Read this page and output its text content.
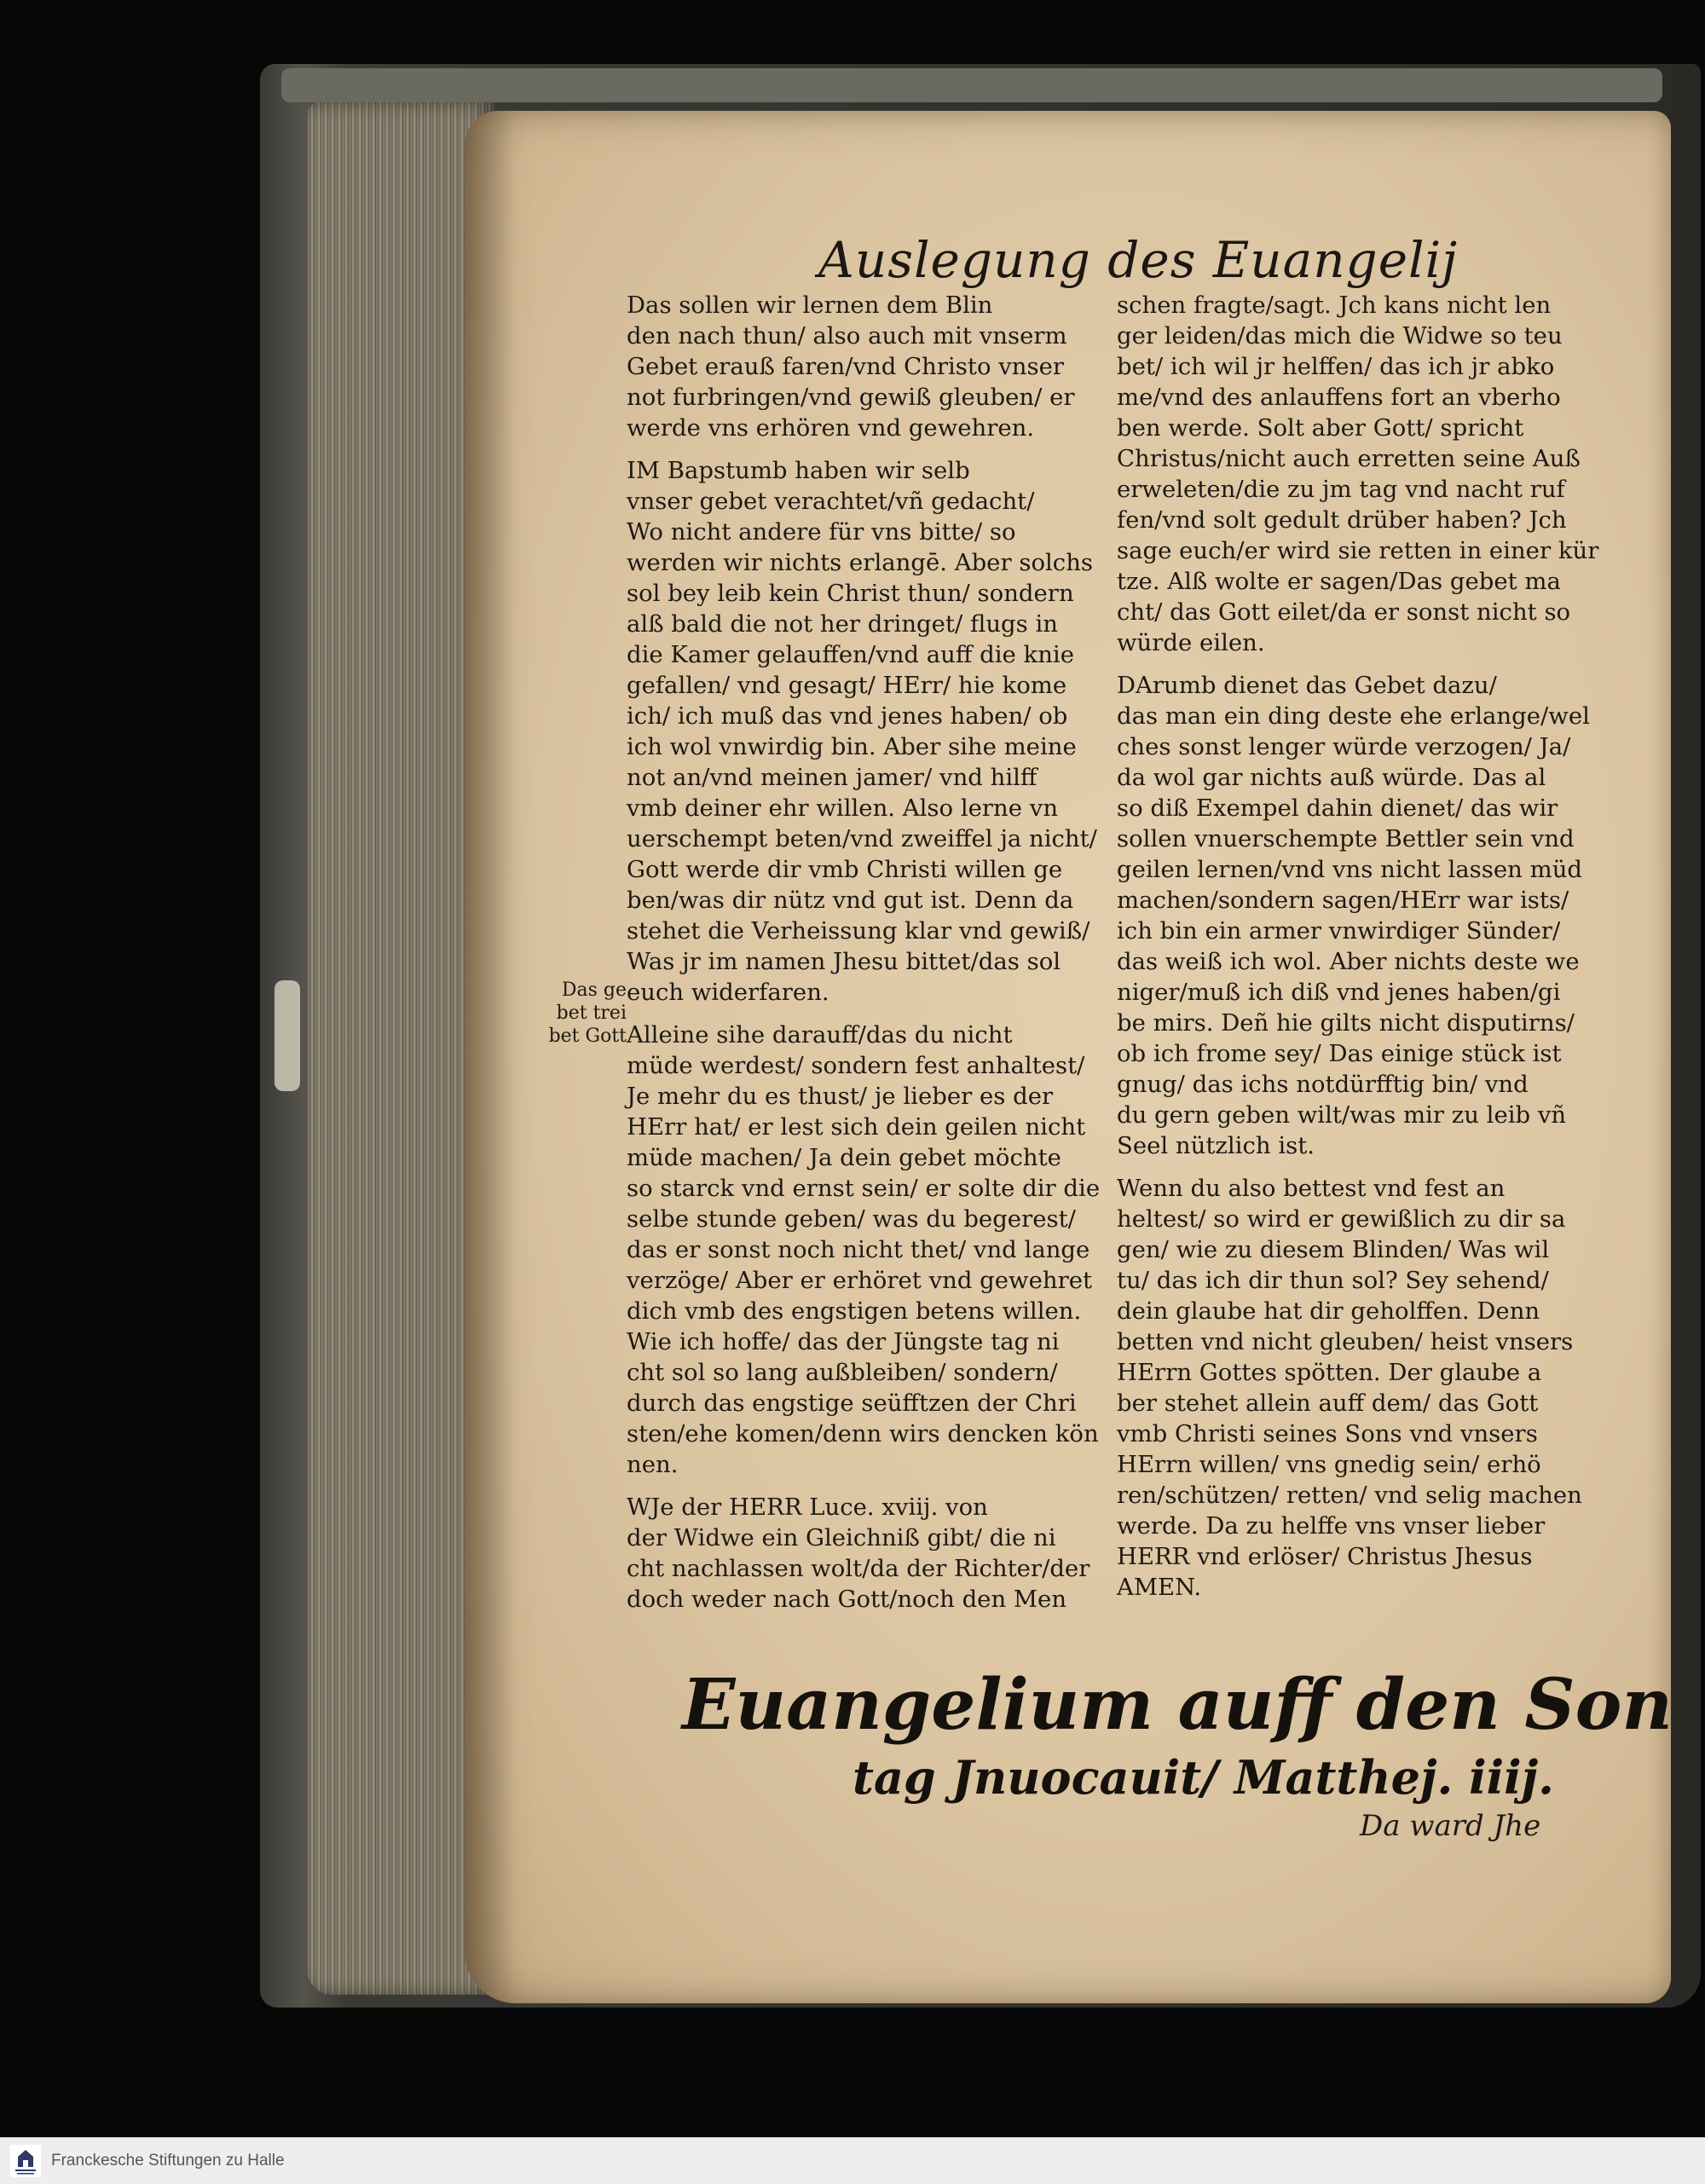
Auslegung des Euangelij
Das sollen wir lernen dem Blin
den nach thun/ also auch mit vnserm
Gebet erauß faren/vnd Christo vnser
not furbringen/vnd gewiß gleuben/ er
werde vns erhören vnd gewehren.
IM Bapstumb haben wir selb
vnser gebet verachtet/vñ gedacht/
Wo nicht andere für vns bitte/ so
werden wir nichts erlangē. Aber solchs
sol bey leib kein Christ thun/ sondern
alß bald die not her dringet/ flugs in
die Kamer gelauffen/vnd auff die knie
gefallen/ vnd gesagt/ HErr/ hie kome
ich/ ich muß das vnd jenes haben/ ob
ich wol vnwirdig bin. Aber sihe meine
not an/vnd meinen jamer/ vnd hilff
vmb deiner ehr willen. Also lerne vn
uerschempt beten/vnd zweiffel ja nicht/
Gott werde dir vmb Christi willen ge
ben/was dir nütz vnd gut ist. Denn da
stehet die Verheissung klar vnd gewiß/
Was jr im namen Jhesu bittet/das sol
euch widerfaren.
Alleine sihe darauff/das du nicht
müde werdest/ sondern fest anhaltest/
Je mehr du es thust/ je lieber es der
HErr hat/ er lest sich dein geilen nicht
müde machen/ Ja dein gebet möchte
so starck vnd ernst sein/ er solte dir die
selbe stunde geben/ was du begerest/
das er sonst noch nicht thet/ vnd lange
verzöge/ Aber er erhöret vnd gewehret
dich vmb des engstigen betens willen.
Wie ich hoffe/ das der Jüngste tag ni
cht sol so lang außbleiben/ sondern/
durch das engstige seüfftzen der Chri
sten/ehe komen/denn wirs dencken kön
nen.
WJe der HERR Luce. xviij. von
der Widwe ein Gleichniß gibt/ die ni
cht nachlassen wolt/da der Richter/der
doch weder nach Gott/noch den Men
schen fragte/sagt. Jch kans nicht len
ger leiden/das mich die Widwe so teu
bet/ ich wil jr helffen/ das ich jr abko
me/vnd des anlauffens fort an vberho
ben werde. Solt aber Gott/ spricht
Christus/nicht auch erretten seine Auß
erweleten/die zu jm tag vnd nacht ruf
fen/vnd solt gedult drüber haben? Jch
sage euch/er wird sie retten in einer kür
tze. Alß wolte er sagen/Das gebet ma
cht/ das Gott eilet/da er sonst nicht so
würde eilen.
DArumb dienet das Gebet dazu/
das man ein ding deste ehe erlange/wel
ches sonst lenger würde verzogen/ Ja/
da wol gar nichts auß würde. Das al
so diß Exempel dahin dienet/ das wir
sollen vnuerschempte Bettler sein vnd
geilen lernen/vnd vns nicht lassen müd
machen/sondern sagen/HErr war ists/
ich bin ein armer vnwirdiger Sünder/
das weiß ich wol. Aber nichts deste we
niger/muß ich diß vnd jenes haben/gi
be mirs. Deñ hie gilts nicht disputirns/
ob ich frome sey/ Das einige stück ist
gnug/ das ichs notdürfftig bin/ vnd
du gern geben wilt/was mir zu leib vñ
Seel nützlich ist.
Wenn du also bettest vnd fest an
heltest/ so wird er gewißlich zu dir sa
gen/ wie zu diesem Blinden/ Was wil
tu/ das ich dir thun sol? Sey sehend/
dein glaube hat dir geholffen. Denn
betten vnd nicht gleuben/ heist vnsers
HErrn Gottes spötten. Der glaube a
ber stehet allein auff dem/ das Gott
vmb Christi seines Sons vnd vnsers
HErrn willen/ vns gnedig sein/ erhö
ren/schützen/ retten/ vnd selig machen
werde. Da zu helffe vns vnser lieber
HERR vnd erlöser/ Christus Jhesus
AMEN.
Das ge
bet trei
bet Gott
Euangelium auff den Son
tag Jnuocauit/ Matthej. iiij.
Da ward Jhe
Franckesche Stiftungen zu Halle
